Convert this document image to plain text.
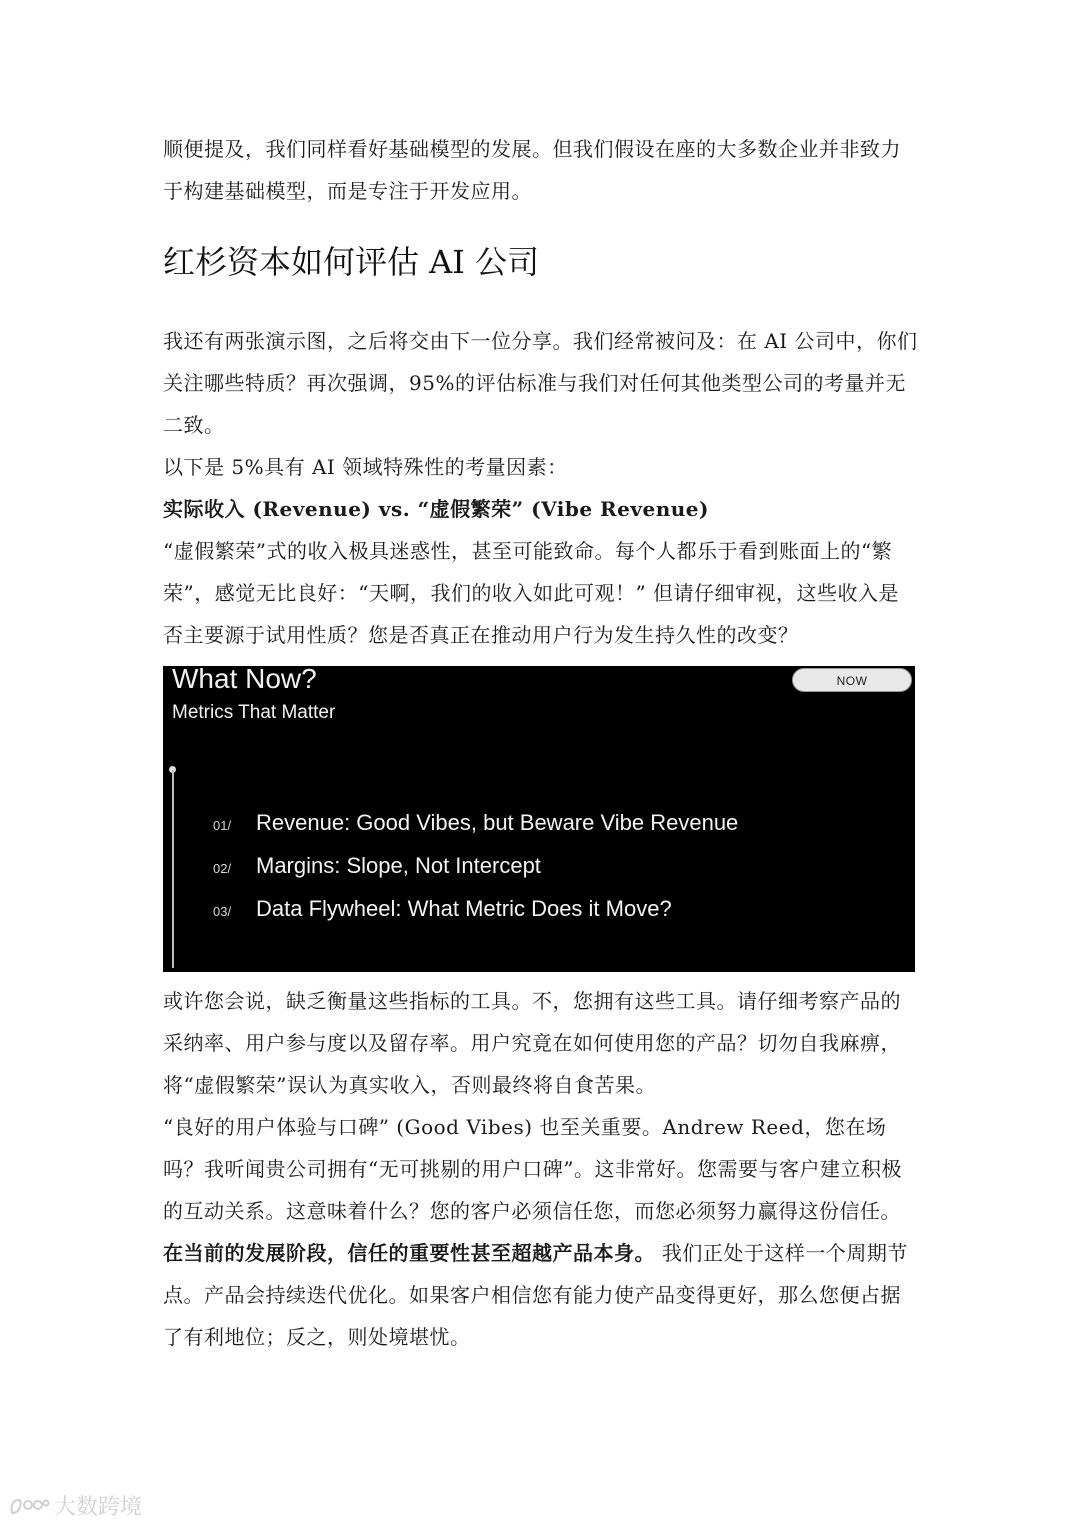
顺便提及，我们同样看好基础模型的发展。但我们假设在座的大多数企业并非致力于构建基础模型，而是专注于开发应用。

红杉资本如何评估 AI 公司

我还有两张演示图，之后将交由下一位分享。我们经常被问及：在 AI 公司中，你们关注哪些特质？再次强调，95%的评估标准与我们对任何其他类型公司的考量并无二致。

以下是 5%具有 AI 领域特殊性的考量因素：

实际收入 (Revenue) vs. “虚假繁荣” (Vibe Revenue)

“虚假繁荣”式的收入极具迷惑性，甚至可能致命。每个人都乐于看到账面上的“繁荣”，感觉无比良好：“天啊，我们的收入如此可观！” 但请仔细审视，这些收入是否主要源于试用性质？您是否真正在推动用户行为发生持久性的改变？

What Now?
Metrics That Matter
NOW
01/	Revenue: Good Vibes, but Beware Vibe Revenue
02/	Margins: Slope, Not Intercept
03/	Data Flywheel: What Metric Does it Move?

或许您会说，缺乏衡量这些指标的工具。不，您拥有这些工具。请仔细考察产品的采纳率、用户参与度以及留存率。用户究竟在如何使用您的产品？切勿自我麻痹，将“虚假繁荣”误认为真实收入，否则最终将自食苦果。

“良好的用户体验与口碑” (Good Vibes) 也至关重要。Andrew Reed，您在场吗？我听闻贵公司拥有“无可挑剔的用户口碑”。这非常好。您需要与客户建立积极的互动关系。这意味着什么？您的客户必须信任您，而您必须努力赢得这份信任。在当前的发展阶段，信任的重要性甚至超越产品本身。 我们正处于这样一个周期节点。产品会持续迭代优化。如果客户相信您有能力使产品变得更好，那么您便占据了有利地位；反之，则处境堪忧。

大数跨境
